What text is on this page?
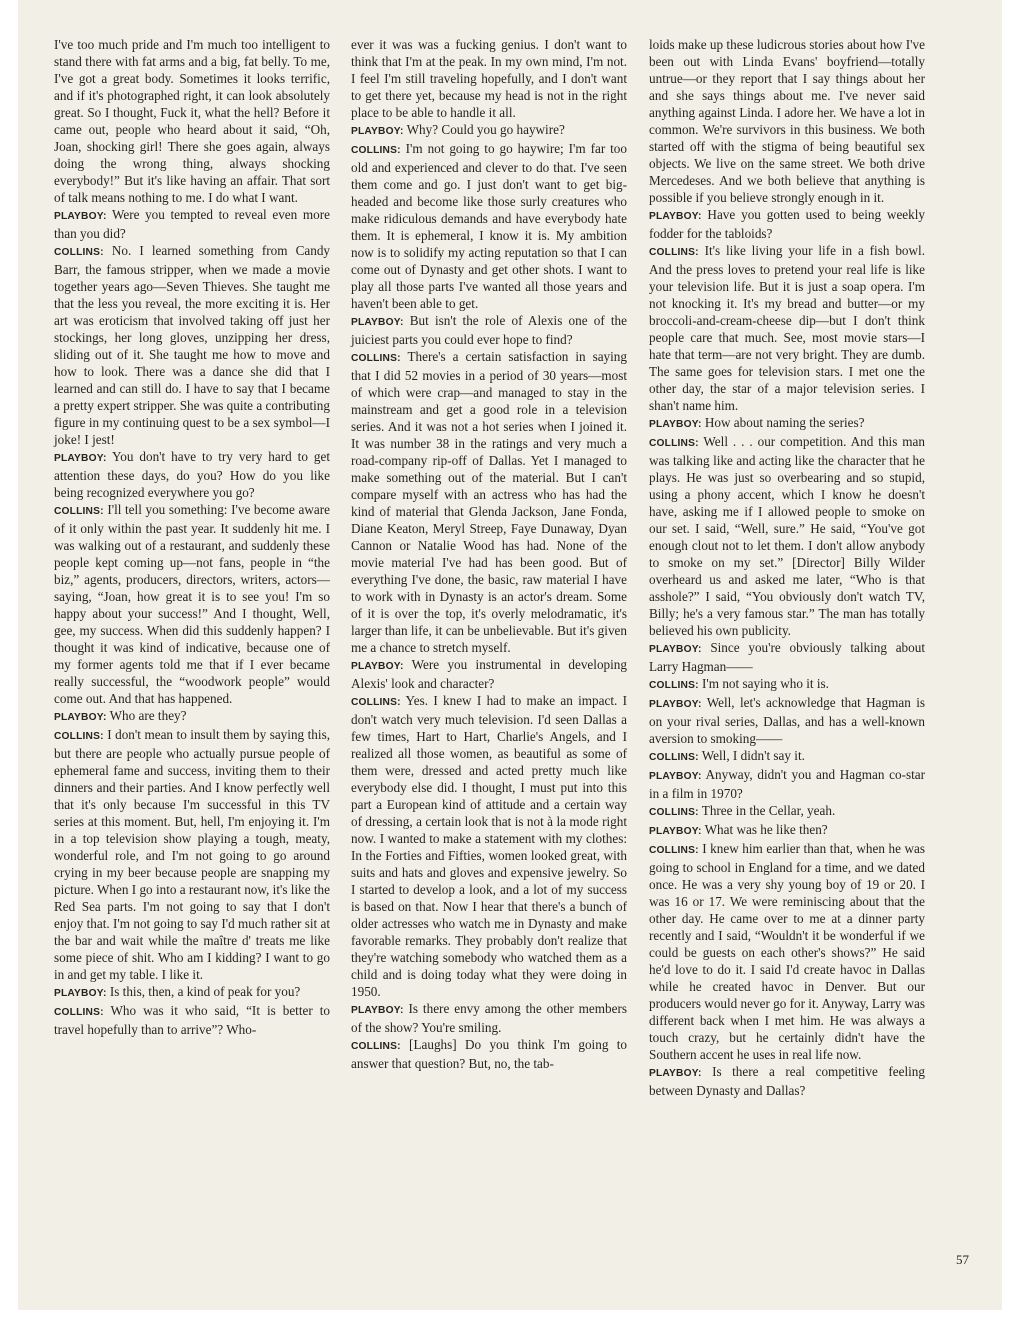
I've too much pride and I'm much too intelligent to stand there with fat arms and a big, fat belly. To me, I've got a great body. Sometimes it looks terrific, and if it's photographed right, it can look absolutely great. So I thought, Fuck it, what the hell? Before it came out, people who heard about it said, “Oh, Joan, shocking girl! There she goes again, always doing the wrong thing, always shocking everybody!” But it's like having an affair. That sort of talk means nothing to me. I do what I want.

PLAYBOY: Were you tempted to reveal even more than you did?

COLLINS: No. I learned something from Candy Barr, the famous stripper, when we made a movie together years ago—Seven Thieves. She taught me that the less you reveal, the more exciting it is. Her art was eroticism that involved taking off just her stockings, her long gloves, unzipping her dress, sliding out of it. She taught me how to move and how to look. There was a dance she did that I learned and can still do. I have to say that I became a pretty expert stripper. She was quite a contributing figure in my continuing quest to be a sex symbol—I joke! I jest!

PLAYBOY: You don't have to try very hard to get attention these days, do you? How do you like being recognized everywhere you go?

COLLINS: I'll tell you something: I've become aware of it only within the past year. It suddenly hit me. I was walking out of a restaurant, and suddenly these people kept coming up—not fans, people in “the biz,” agents, producers, directors, writers, actors—saying, “Joan, how great it is to see you! I'm so happy about your success!” And I thought, Well, gee, my success. When did this suddenly happen? I thought it was kind of indicative, because one of my former agents told me that if I ever became really successful, the “woodwork people” would come out. And that has happened.

PLAYBOY: Who are they?

COLLINS: I don't mean to insult them by saying this, but there are people who actually pursue people of ephemeral fame and success, inviting them to their dinners and their parties. And I know perfectly well that it's only because I'm successful in this TV series at this moment. But, hell, I'm enjoying it. I'm in a top television show playing a tough, meaty, wonderful role, and I'm not going to go around crying in my beer because people are snapping my picture. When I go into a restaurant now, it's like the Red Sea parts. I'm not going to say that I don't enjoy that. I'm not going to say I'd much rather sit at the bar and wait while the maître d' treats me like some piece of shit. Who am I kidding? I want to go in and get my table. I like it.

PLAYBOY: Is this, then, a kind of peak for you?

COLLINS: Who was it who said, “It is better to travel hopefully than to arrive”? Who-

ever it was was a fucking genius. I don't want to think that I'm at the peak. In my own mind, I'm not. I feel I'm still traveling hopefully, and I don't want to get there yet, because my head is not in the right place to be able to handle it all.

PLAYBOY: Why? Could you go haywire?

COLLINS: I'm not going to go haywire; I'm far too old and experienced and clever to do that. I've seen them come and go. I just don't want to get big-headed and become like those surly creatures who make ridiculous demands and have everybody hate them. It is ephemeral, I know it is. My ambition now is to solidify my acting reputation so that I can come out of Dynasty and get other shots. I want to play all those parts I've wanted all those years and haven't been able to get.

PLAYBOY: But isn't the role of Alexis one of the juiciest parts you could ever hope to find?

COLLINS: There's a certain satisfaction in saying that I did 52 movies in a period of 30 years—most of which were crap—and managed to stay in the mainstream and get a good role in a television series. And it was not a hot series when I joined it. It was number 38 in the ratings and very much a road-company rip-off of Dallas. Yet I managed to make something out of the material. But I can't compare myself with an actress who has had the kind of material that Glenda Jackson, Jane Fonda, Diane Keaton, Meryl Streep, Faye Dunaway, Dyan Cannon or Natalie Wood has had. None of the movie material I've had has been good. But of everything I've done, the basic, raw material I have to work with in Dynasty is an actor's dream. Some of it is over the top, it's overly melodramatic, it's larger than life, it can be unbelievable. But it's given me a chance to stretch myself.

PLAYBOY: Were you instrumental in developing Alexis' look and character?

COLLINS: Yes. I knew I had to make an impact. I don't watch very much television. I'd seen Dallas a few times, Hart to Hart, Charlie's Angels, and I realized all those women, as beautiful as some of them were, dressed and acted pretty much like everybody else did. I thought, I must put into this part a European kind of attitude and a certain way of dressing, a certain look that is not à la mode right now. I wanted to make a statement with my clothes: In the Forties and Fifties, women looked great, with suits and hats and gloves and expensive jewelry. So I started to develop a look, and a lot of my success is based on that. Now I hear that there's a bunch of older actresses who watch me in Dynasty and make favorable remarks. They probably don't realize that they're watching somebody who watched them as a child and is doing today what they were doing in 1950.

PLAYBOY: Is there envy among the other members of the show? You're smiling.

COLLINS: [Laughs] Do you think I'm going to answer that question? But, no, the tab-

loids make up these ludicrous stories about how I've been out with Linda Evans' boyfriend—totally untrue—or they report that I say things about her and she says things about me. I've never said anything against Linda. I adore her. We have a lot in common. We're survivors in this business. We both started off with the stigma of being beautiful sex objects. We live on the same street. We both drive Mercedeses. And we both believe that anything is possible if you believe strongly enough in it.

PLAYBOY: Have you gotten used to being weekly fodder for the tabloids?

COLLINS: It's like living your life in a fish bowl. And the press loves to pretend your real life is like your television life. But it is just a soap opera. I'm not knocking it. It's my bread and butter—or my broccoli-and-cream-cheese dip—but I don't think people care that much. See, most movie stars—I hate that term—are not very bright. They are dumb. The same goes for television stars. I met one the other day, the star of a major television series. I shan't name him.

PLAYBOY: How about naming the series?

COLLINS: Well . . . our competition. And this man was talking like and acting like the character that he plays. He was just so overbearing and so stupid, using a phony accent, which I know he doesn't have, asking me if I allowed people to smoke on our set. I said, “Well, sure.” He said, “You've got enough clout not to let them. I don't allow anybody to smoke on my set.” [Director] Billy Wilder overheard us and asked me later, “Who is that asshole?” I said, “You obviously don't watch TV, Billy; he's a very famous star.” The man has totally believed his own publicity.

PLAYBOY: Since you're obviously talking about Larry Hagman——

COLLINS: I'm not saying who it is.

PLAYBOY: Well, let's acknowledge that Hagman is on your rival series, Dallas, and has a well-known aversion to smoking——

COLLINS: Well, I didn't say it.

PLAYBOY: Anyway, didn't you and Hagman co-star in a film in 1970?

COLLINS: Three in the Cellar, yeah.

PLAYBOY: What was he like then?

COLLINS: I knew him earlier than that, when he was going to school in England for a time, and we dated once. He was a very shy young boy of 19 or 20. I was 16 or 17. We were reminiscing about that the other day. He came over to me at a dinner party recently and I said, “Wouldn't it be wonderful if we could be guests on each other's shows?” He said he'd love to do it. I said I'd create havoc in Dallas while he created havoc in Denver. But our producers would never go for it. Anyway, Larry was different back when I met him. He was always a touch crazy, but he certainly didn't have the Southern accent he uses in real life now.

PLAYBOY: Is there a real competitive feeling between Dynasty and Dallas?

57
